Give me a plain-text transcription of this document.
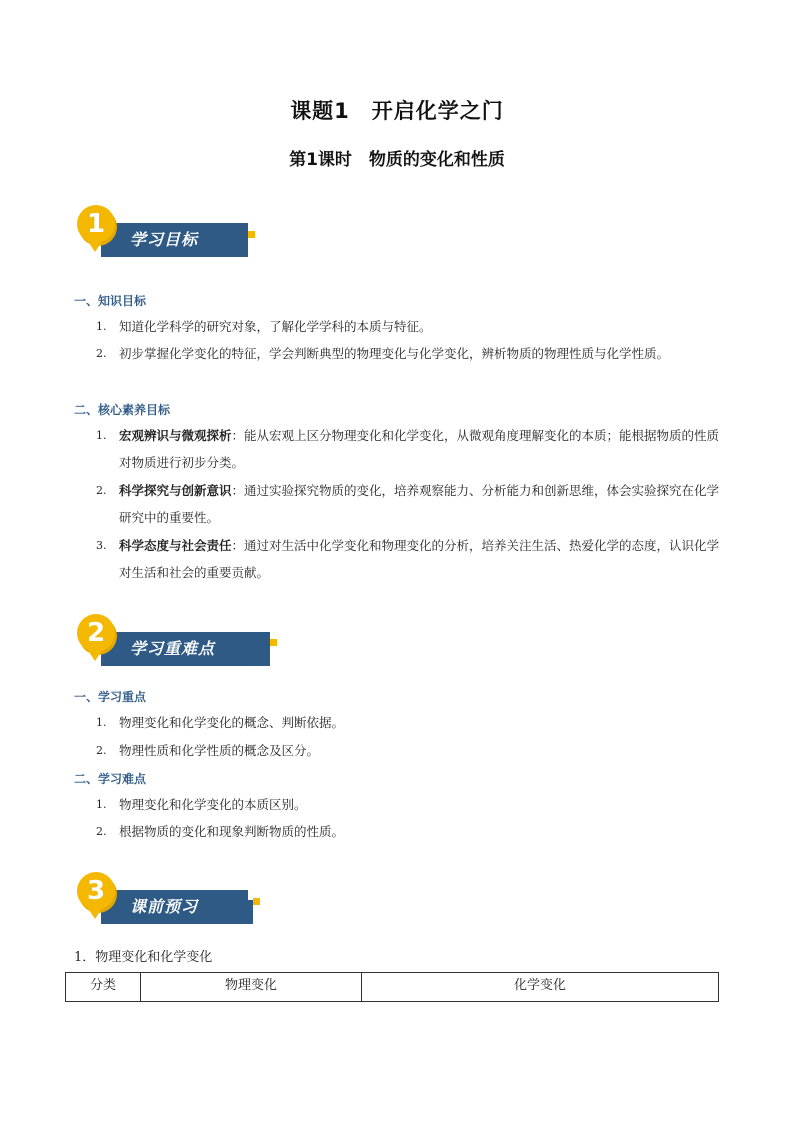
课题1　开启化学之门
第1课时　物质的变化和性质
学习目标
1
一、知识目标
1.	知道化学科学的研究对象，了解化学学科的本质与特征。
2.	初步掌握化学变化的特征，学会判断典型的物理变化与化学变化，辨析物质的物理性质与化学性质。
二、核心素养目标
1.	宏观辨识与微观探析：能从宏观上区分物理变化和化学变化，从微观角度理解变化的本质；能根据物质的性质对物质进行初步分类。
2.	科学探究与创新意识：通过实验探究物质的变化，培养观察能力、分析能力和创新思维，体会实验探究在化学研究中的重要性。
3.	科学态度与社会责任：通过对生活中化学变化和物理变化的分析，培养关注生活、热爱化学的态度，认识化学对生活和社会的重要贡献。
学习重难点
2
一、学习重点
1.	物理变化和化学变化的概念、判断依据。
2.	物理性质和化学性质的概念及区分。
二、学习难点
1.	物理变化和化学变化的本质区别。
2.	根据物质的变化和现象判断物质的性质。
课前预习
3
1．物理变化和化学变化
分类	物理变化	化学变化
